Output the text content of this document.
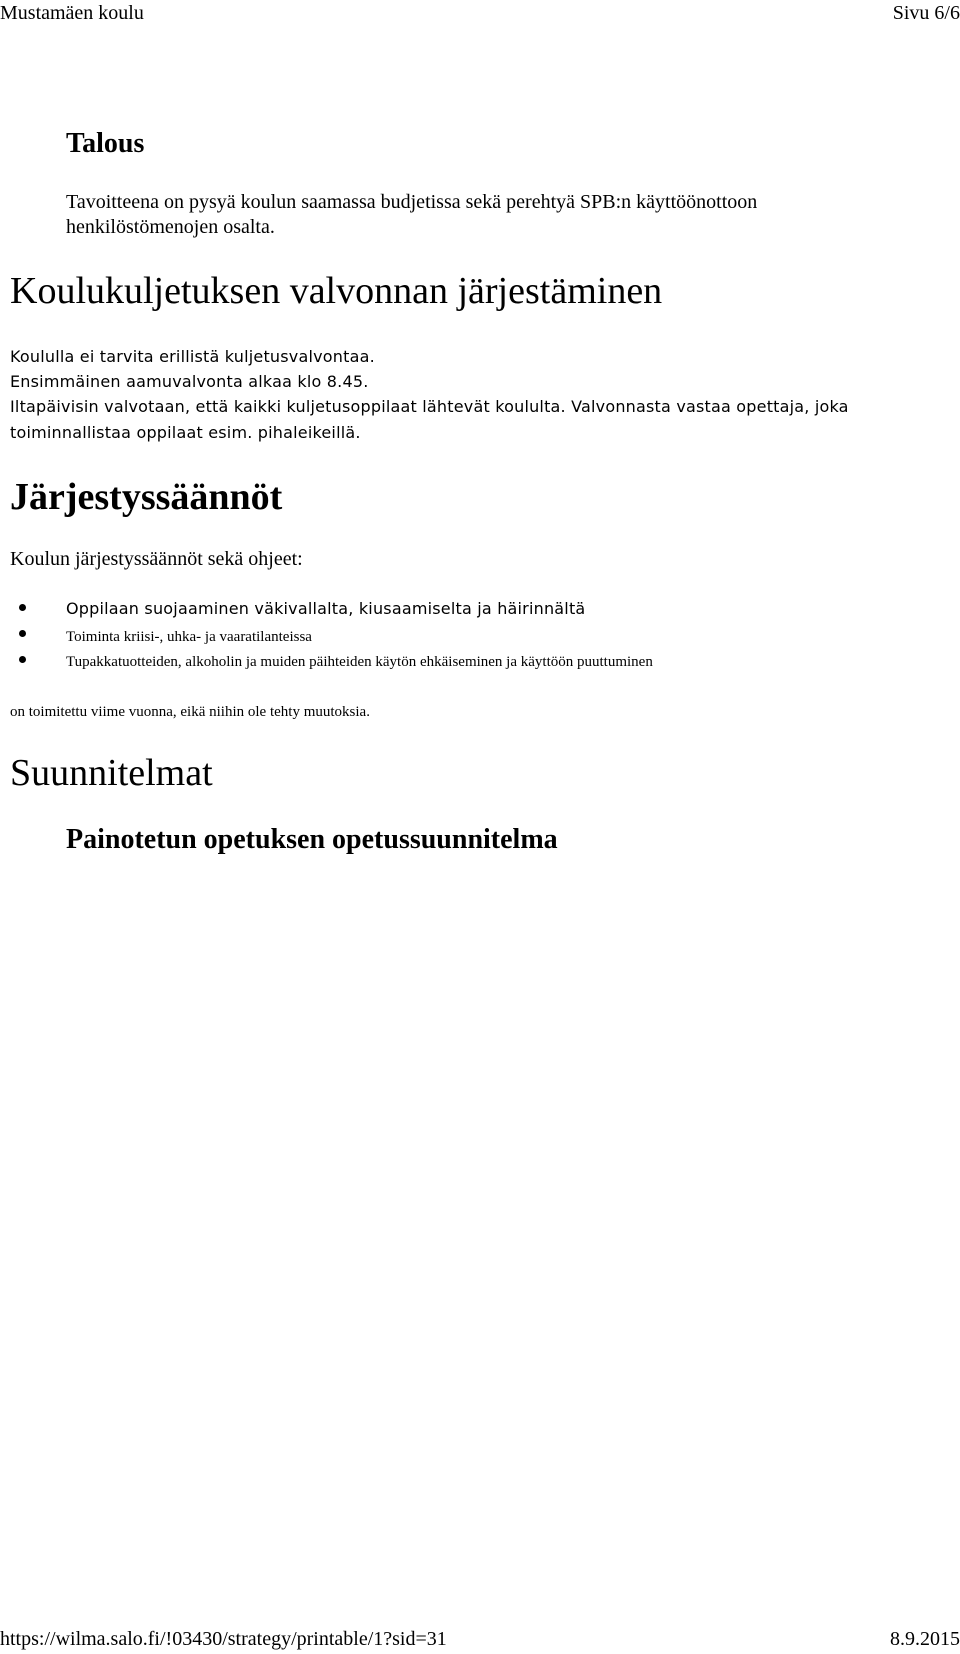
Mustamäen koulu	Sivu 6/6
Talous

Tavoitteena on pysyä koulun saamassa budjetissa sekä perehtyä SPB:n käyttöönottoon

henkilöstömenojen osalta.

Koulukuljetuksen valvonnan järjestäminen

Koululla ei tarvita erillistä kuljetusvalvontaa.

Ensimmäinen aamuvalvonta alkaa klo 8.45.

Iltapäivisin valvotaan, että kaikki kuljetusoppilaat lähtevät koululta. Valvonnasta vastaa opettaja, joka

toiminnallistaa oppilaat esim. pihaleikeillä.

Järjestyssäännöt

Koulun järjestyssäännöt sekä ohjeet:

Oppilaan suojaaminen väkivallalta, kiusaamiselta ja häirinnältä

Toiminta kriisi-, uhka- ja vaaratilanteissa

Tupakkatuotteiden, alkoholin ja muiden päihteiden käytön ehkäiseminen ja käyttöön puuttuminen

on toimitettu viime vuonna, eikä niihin ole tehty muutoksia.

Suunnitelmat
Painotetun opetuksen opetussuunnitelma
https://wilma.salo.fi/!03430/strategy/printable/1?sid=31	8.9.2015
